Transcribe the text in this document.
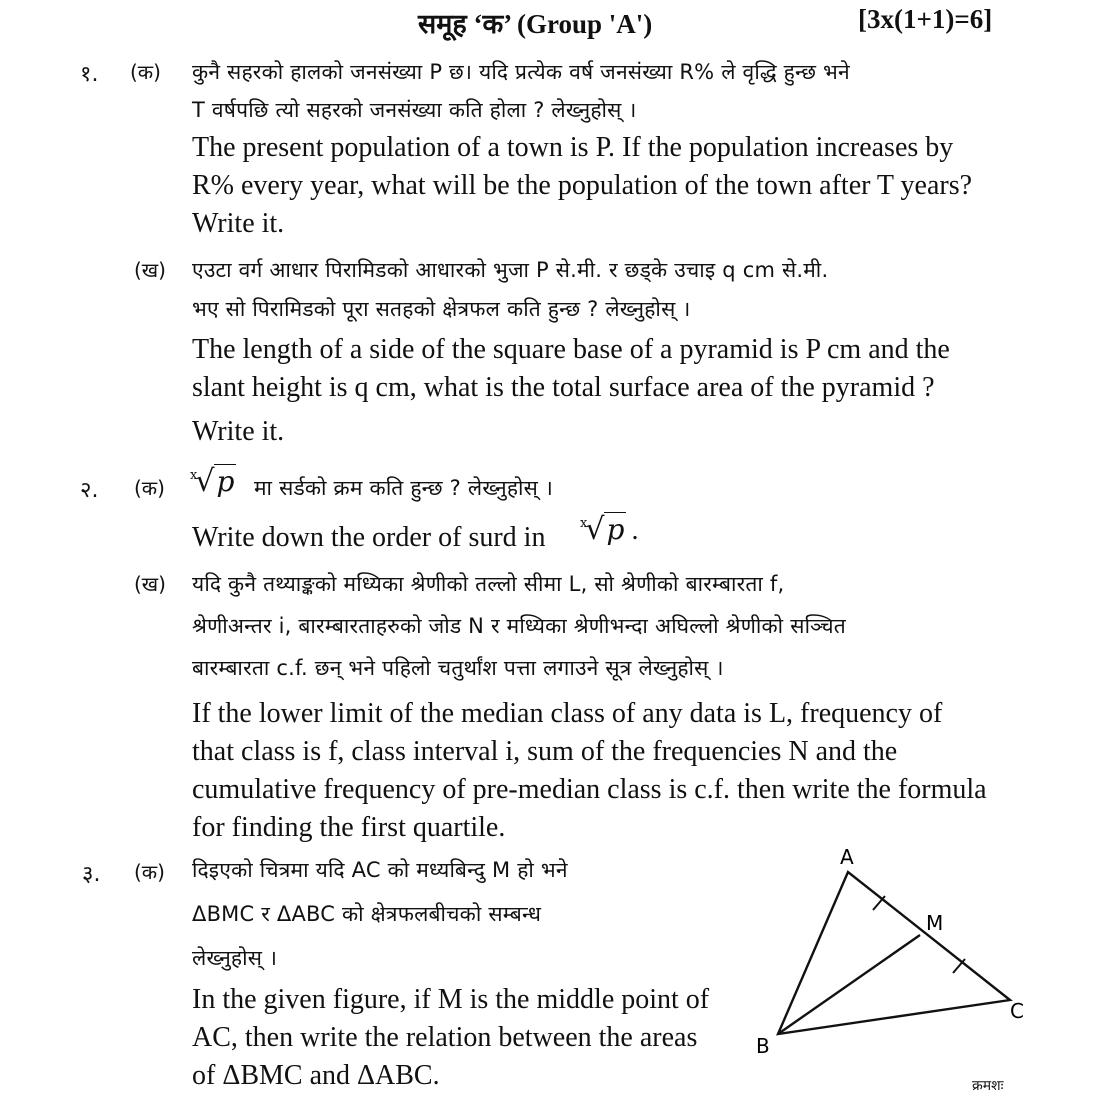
समूह ‘क’ (Group 'A')	[3x(1+1)=6]
१. (क) कुनै सहरको हालको जनसंख्या P छ। यदि प्रत्येक वर्ष जनसंख्या R% ले वृद्धि हुन्छ भने
T वर्षपछि त्यो सहरको जनसंख्या कति होला ? लेख्नुहोस् ।
The present population of a town is P. If the population increases by
R% every year, what will be the population of the town after T years?
Write it.
(ख) एउटा वर्ग आधार पिरामिडको आधारको भुजा P से.मी. र छड्के उचाइ q cm से.मी.
भए सो पिरामिडको पूरा सतहको क्षेत्रफल कति हुन्छ ? लेख्नुहोस् ।
The length of a side of the square base of a pyramid is P cm and the
slant height is q cm, what is the total surface area of the pyramid ?
Write it.
२. (क)
$^x$√p मा सर्डको क्रम कति हुन्छ ? लेख्नुहोस् ।
Write down the order of surd in	$^x$√p .
(ख) यदि कुनै तथ्याङ्कको मध्यिका श्रेणीको तल्लो सीमा L, सो श्रेणीको बारम्बारता f,
श्रेणीअन्तर i, बारम्बारताहरुको जोड N र मध्यिका श्रेणीभन्दा अघिल्लो श्रेणीको सञ्चित
बारम्बारता c.f. छन् भने पहिलो चतुर्थांश पत्ता लगाउने सूत्र लेख्नुहोस् ।
If the lower limit of the median class of any data is L, frequency of
that class is f, class interval i, sum of the frequencies N and the
cumulative frequency of pre-median class is c.f. then write the formula
for finding the first quartile.
३. (क) दिइएको चित्रमा यदि AC को मध्यबिन्दु M हो भने
ΔBMC र ΔABC को क्षेत्रफलबीचको सम्बन्ध
लेख्नुहोस् ।
In the given figure, if M is the middle point of
AC, then write the relation between the areas
of ΔBMC and ΔABC.
A
B
C
M
क्रमशः
